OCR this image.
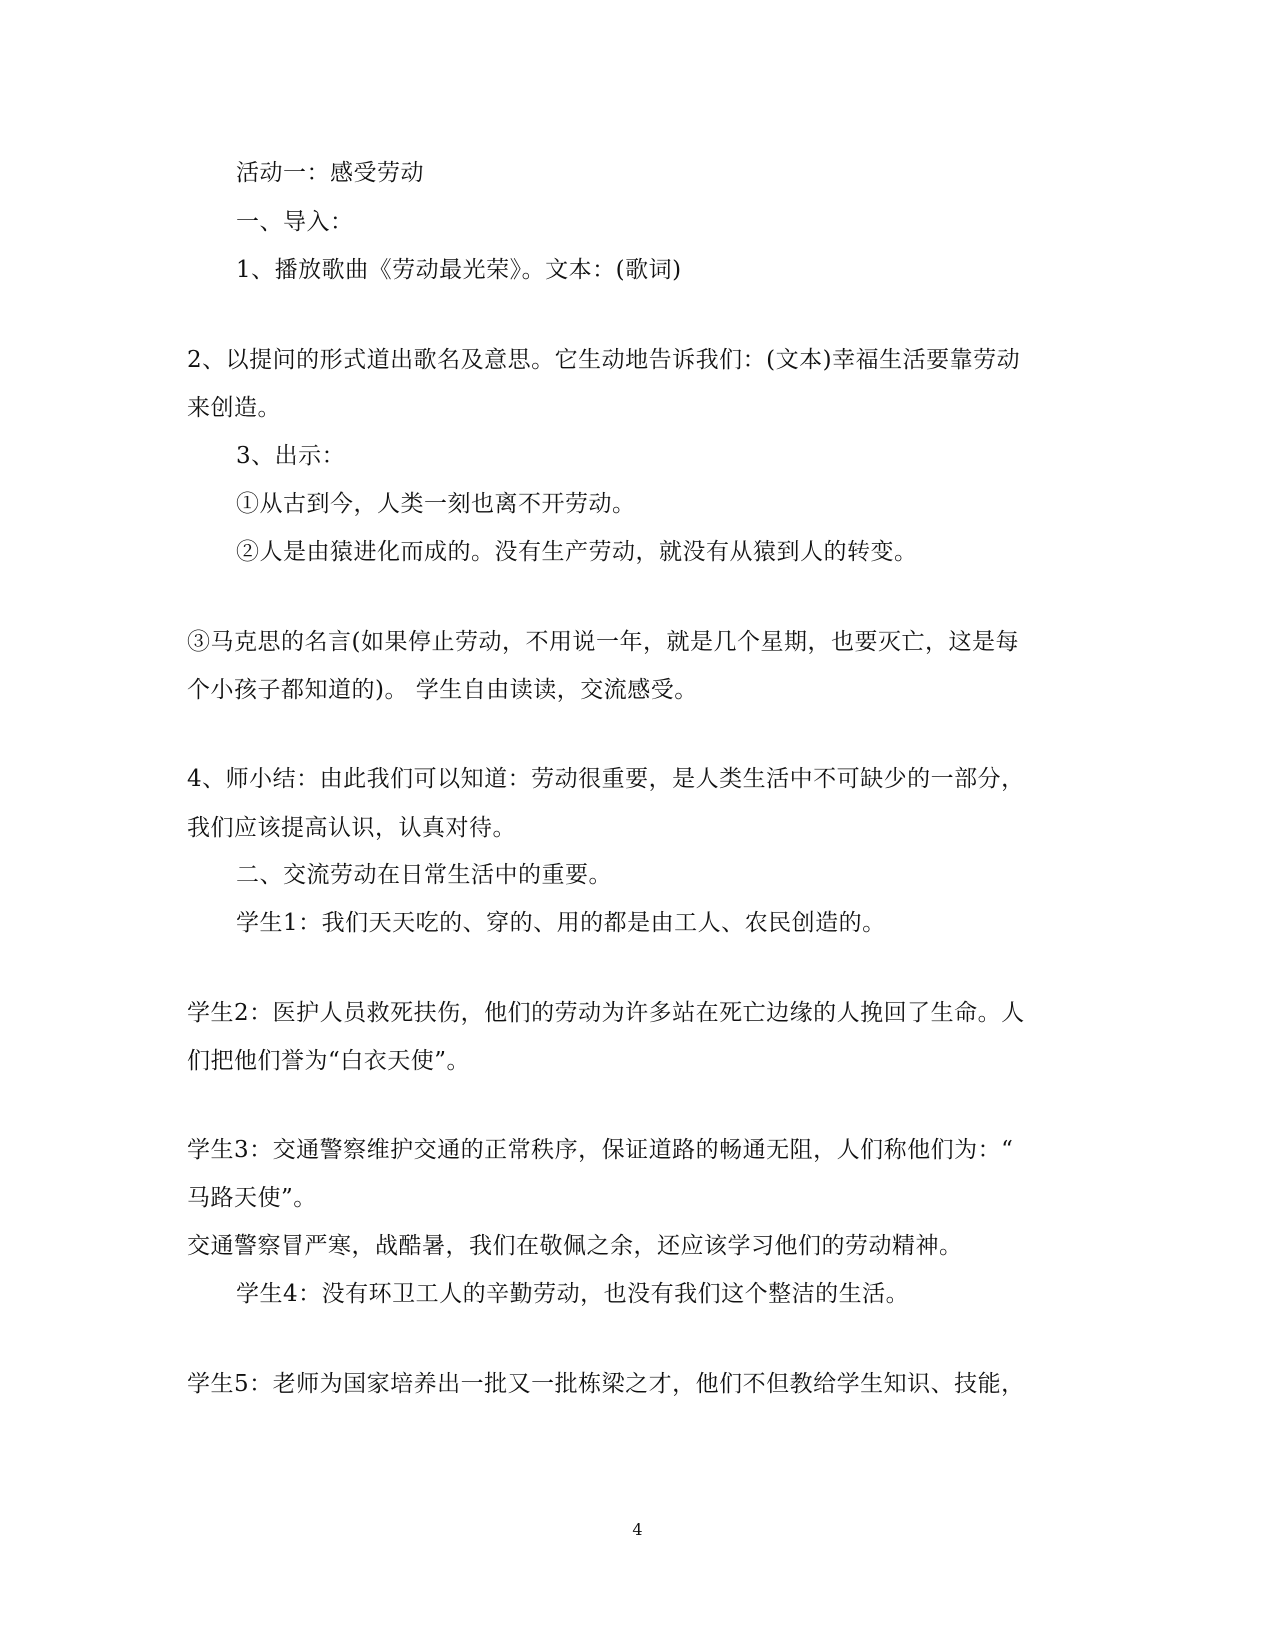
活动一：感受劳动
一、导入：
1、播放歌曲《劳动最光荣》。文本：(歌词)
2、以提问的形式道出歌名及意思。它生动地告诉我们：(文本)幸福生活要靠劳动
来创造。
3、出示：
①从古到今，人类一刻也离不开劳动。
②人是由猿进化而成的。没有生产劳动，就没有从猿到人的转变。
③马克思的名言(如果停止劳动，不用说一年，就是几个星期，也要灭亡，这是每
个小孩子都知道的)。 学生自由读读，交流感受。
4、师小结：由此我们可以知道：劳动很重要，是人类生活中不可缺少的一部分，
我们应该提高认识，认真对待。
二、交流劳动在日常生活中的重要。
学生1：我们天天吃的、穿的、用的都是由工人、农民创造的。
学生2：医护人员救死扶伤，他们的劳动为许多站在死亡边缘的人挽回了生命。人
们把他们誉为“白衣天使”。
学生3：交通警察维护交通的正常秩序，保证道路的畅通无阻，人们称他们为：“
马路天使”。
交通警察冒严寒，战酷暑，我们在敬佩之余，还应该学习他们的劳动精神。
学生4：没有环卫工人的辛勤劳动，也没有我们这个整洁的生活。
学生5：老师为国家培养出一批又一批栋梁之才，他们不但教给学生知识、技能，
4
